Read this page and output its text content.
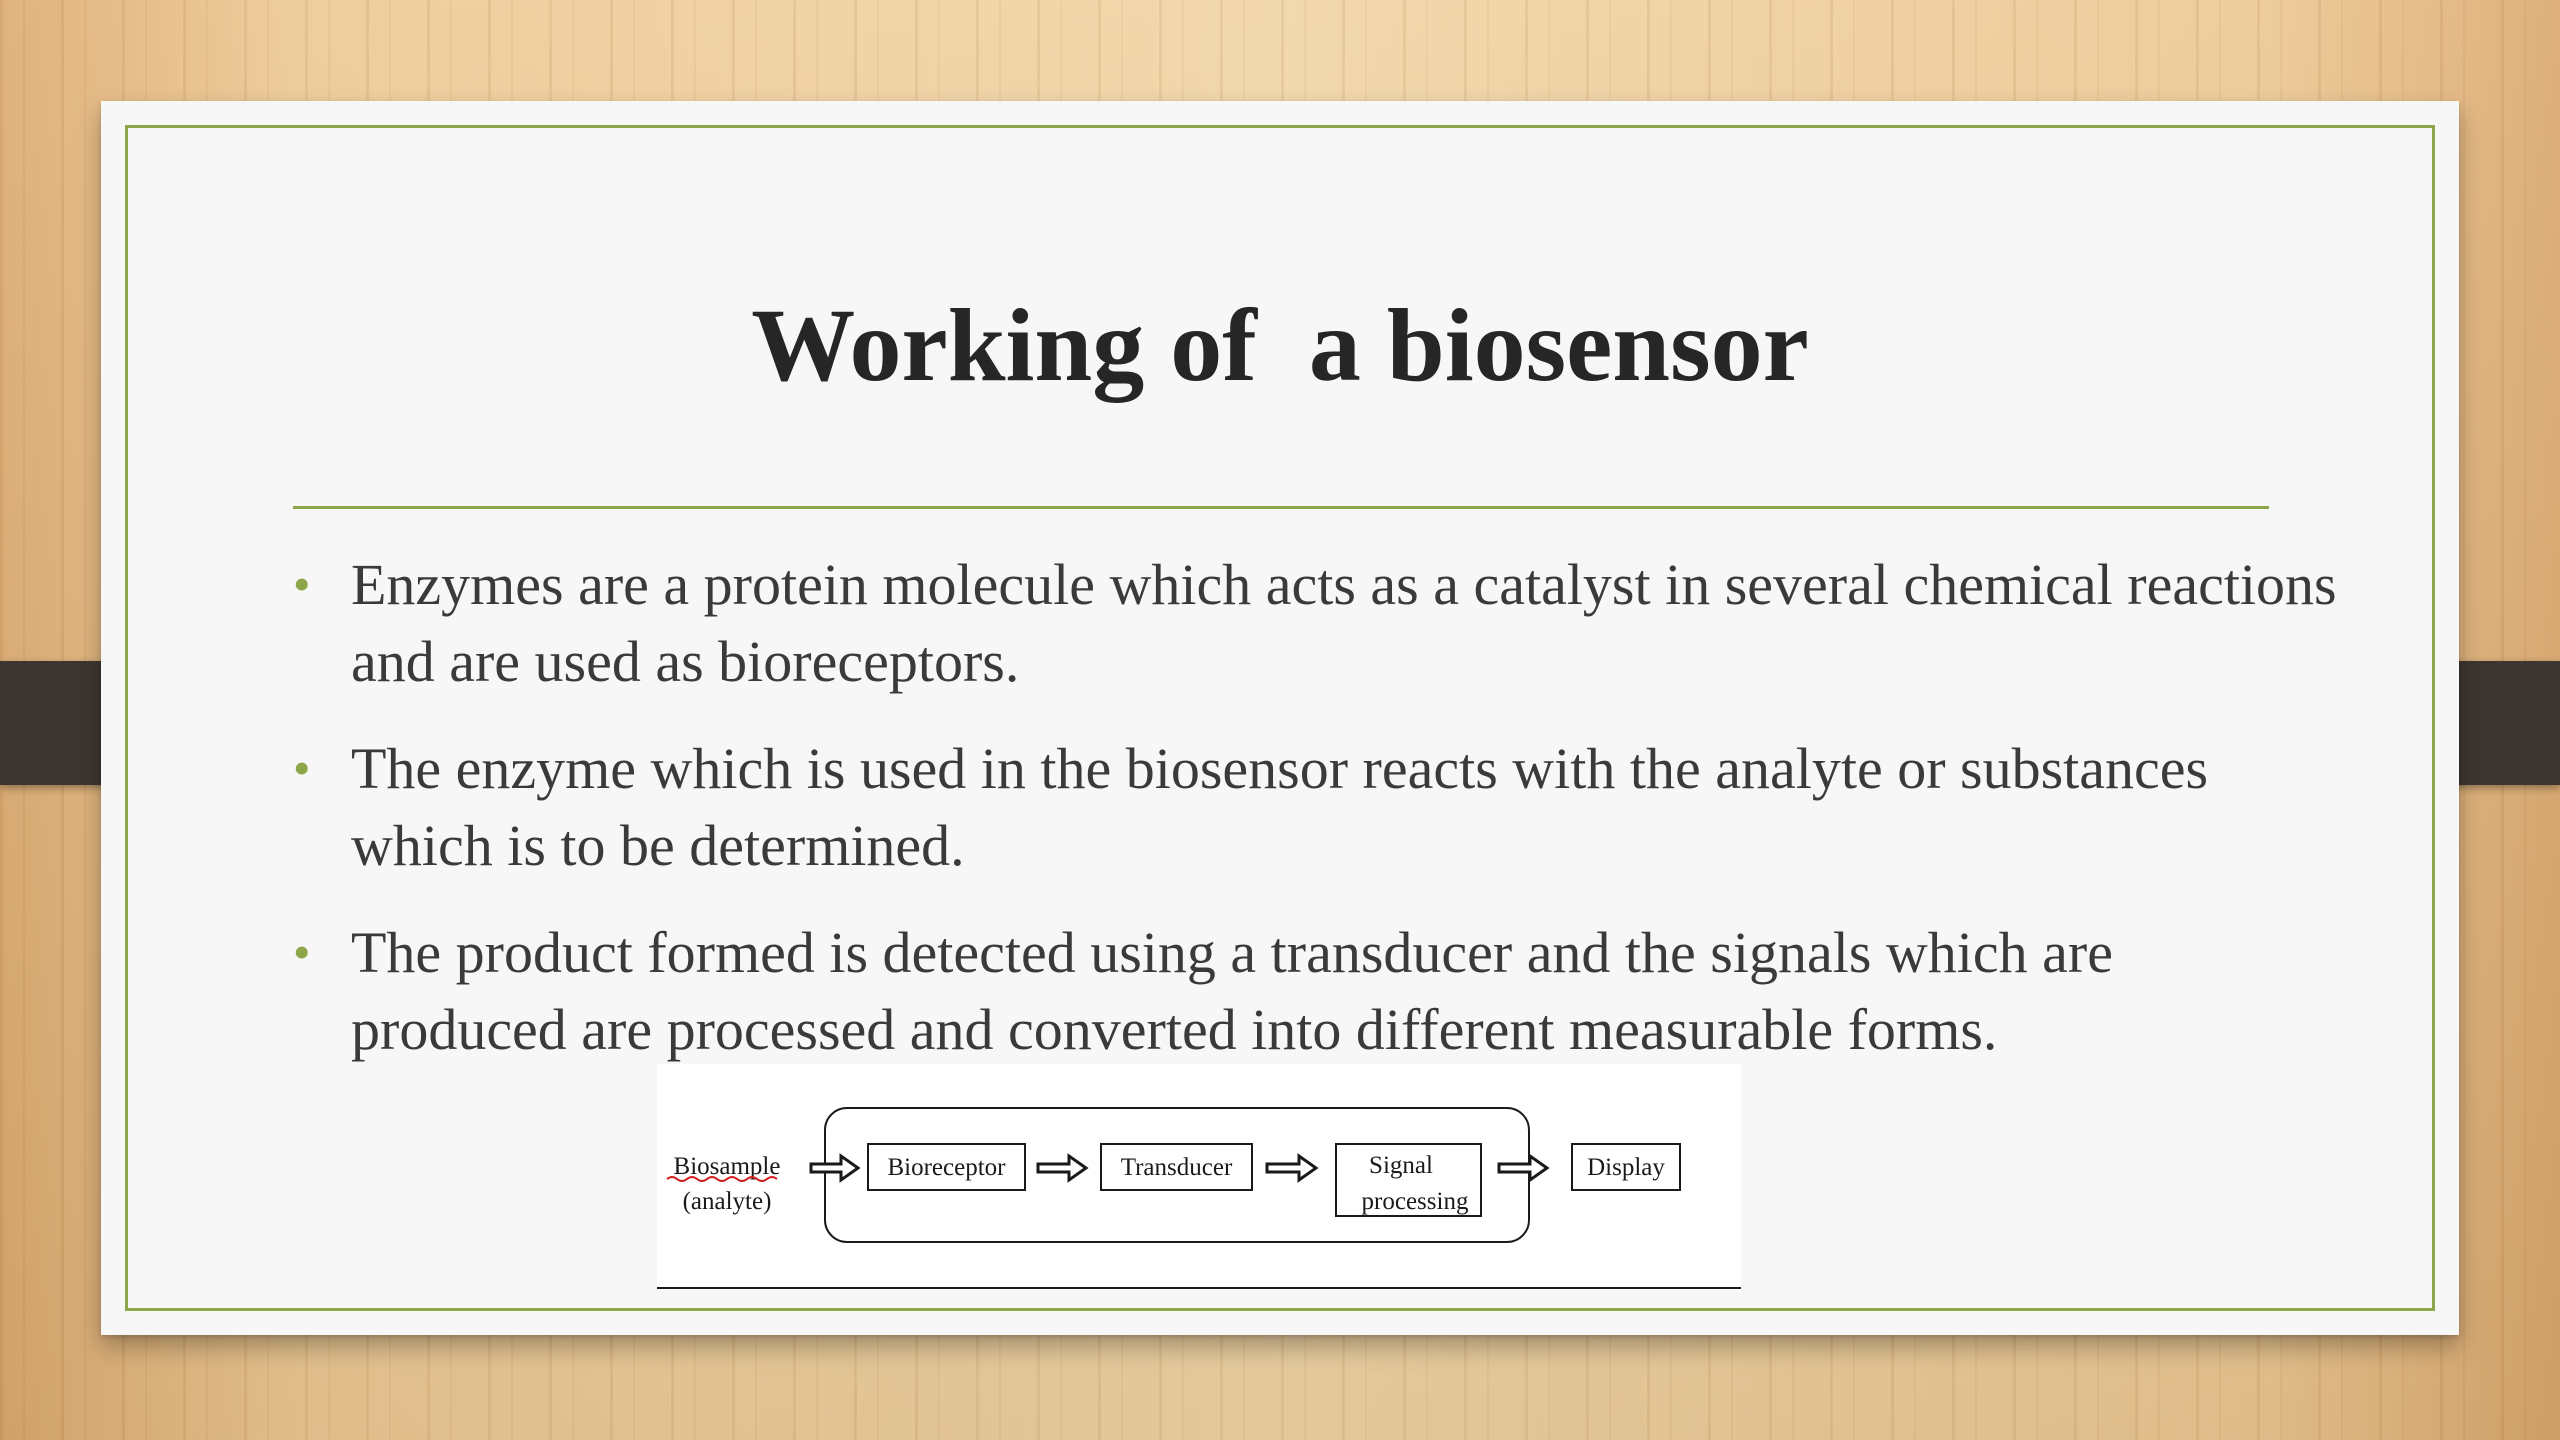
Working of  a biosensor
• Enzymes are a protein molecule which acts as a catalyst in several chemical reactions and are used as bioreceptors.
• The enzyme which is used in the biosensor reacts with the analyte or substances which is to be determined.
• The product formed is detected using a transducer and the signals which are produced are processed and converted into different measurable forms.
Biosample
(analyte)
Bioreceptor	Transducer	Signal
processing
Display
